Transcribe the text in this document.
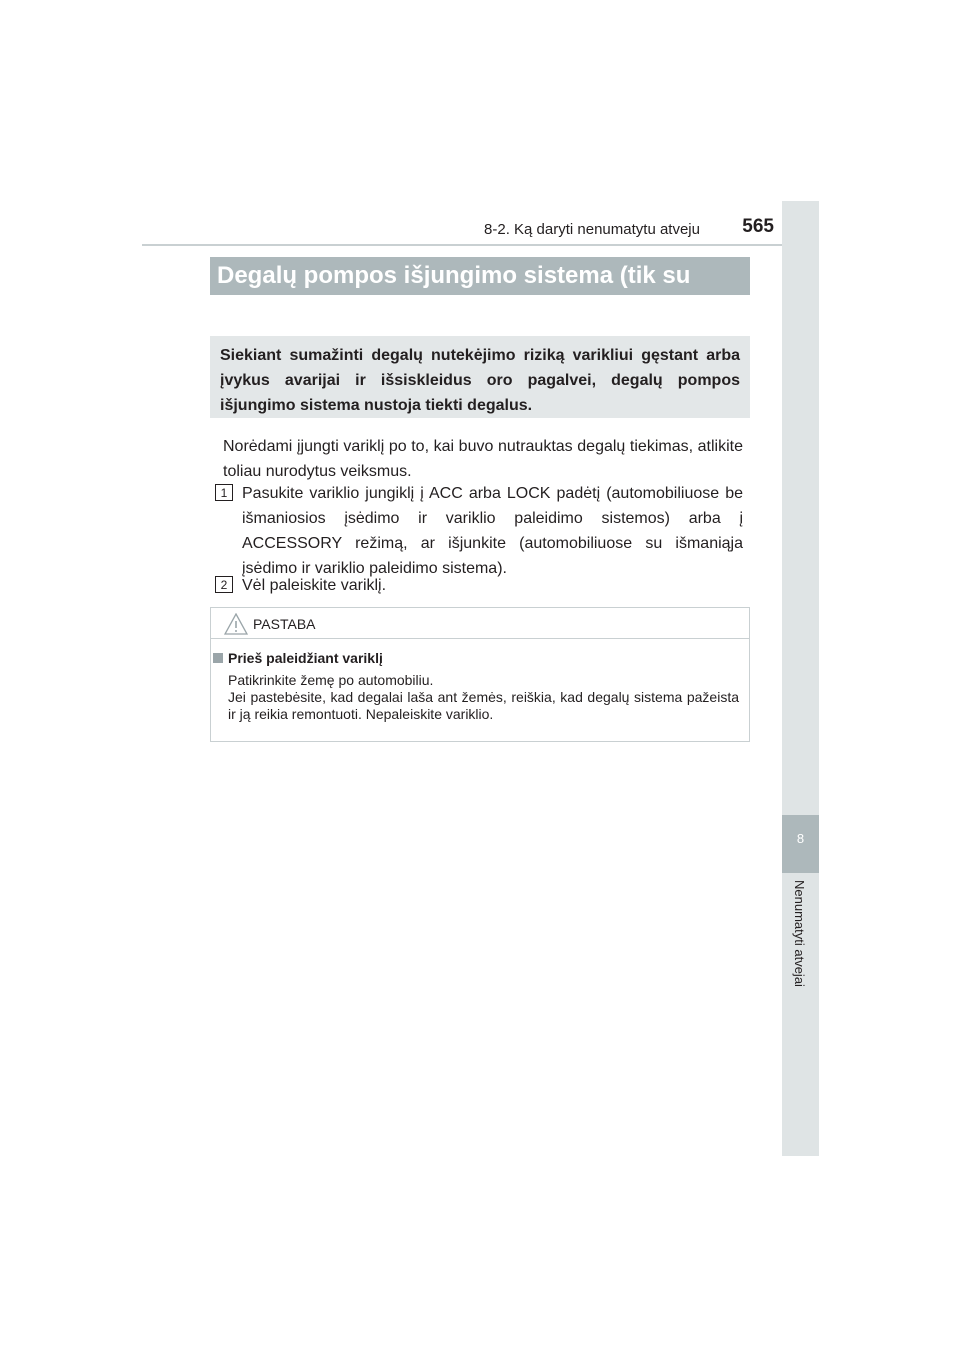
8-2. Ką daryti nenumatytu atveju	565
8
Nenumatyti atvejai
Degalų pompos išjungimo sistema (tik su
Siekiant sumažinti degalų nutekėjimo riziką varikliui gęstant arba įvykus avarijai ir išsiskleidus oro pagalvei, degalų pompos išjungimo sistema nustoja tiekti degalus.
Norėdami įjungti variklį po to, kai buvo nutrauktas degalų tiekimas, atlikite toliau nurodytus veiksmus.
1 Pasukite variklio jungiklį į ACC arba LOCK padėtį (automobiliuose be išmaniosios įsėdimo ir variklio paleidimo sistemos) arba į ACCESSORY režimą, ar išjunkite (automobiliuose su išmaniąja įsėdimo ir variklio paleidimo sistema).
2 Vėl paleiskite variklį.
PASTABA
Prieš paleidžiant variklį
Patikrinkite žemę po automobiliu.
Jei pastebėsite, kad degalai laša ant žemės, reiškia, kad degalų sistema pažeista ir ją reikia remontuoti. Nepaleiskite variklio.
